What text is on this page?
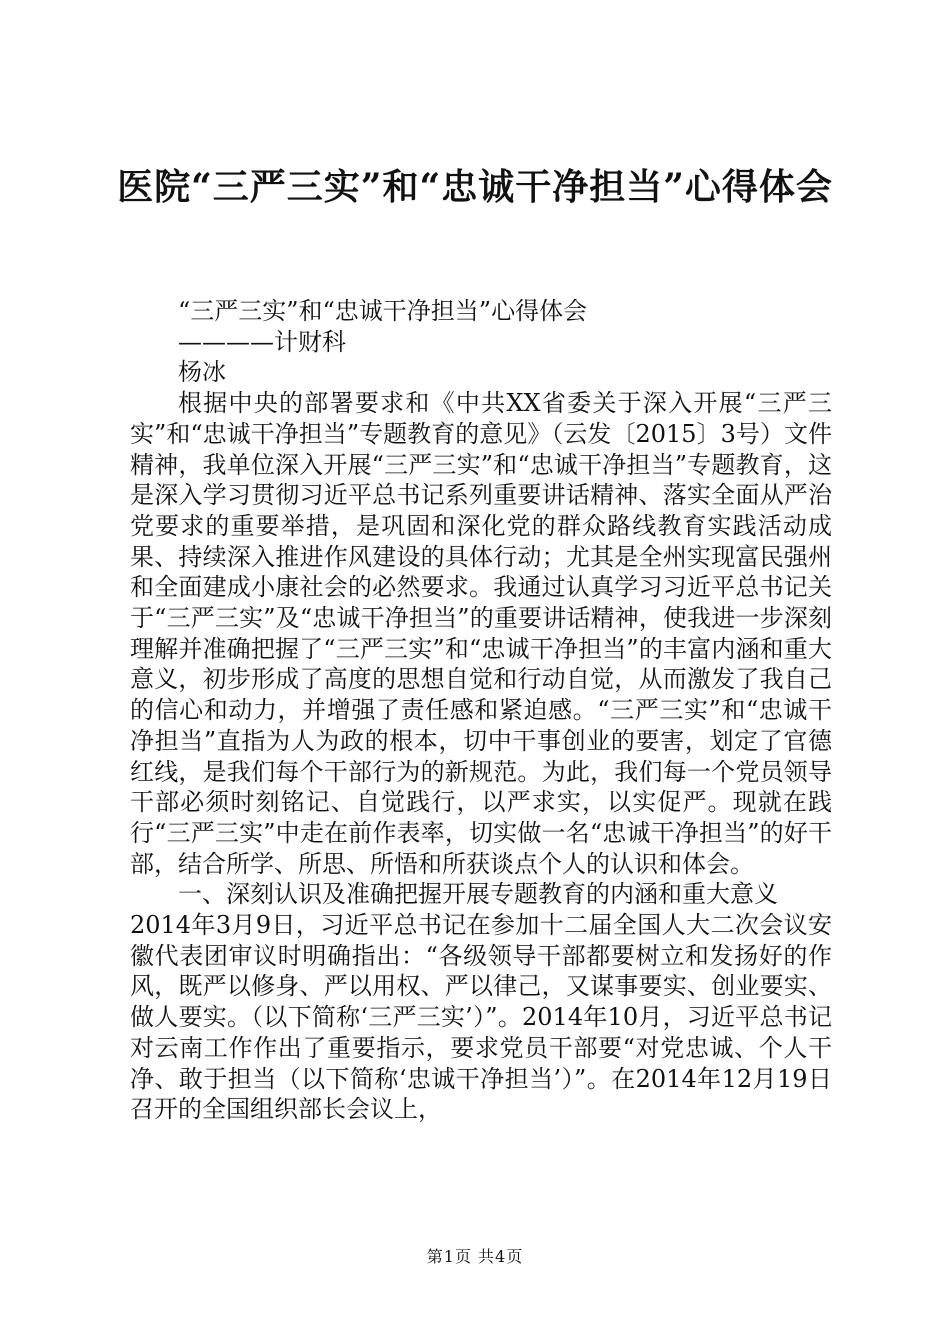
医院“三严三实”和“忠诚干净担当”心得体会
“三严三实”和“忠诚干净担当”心得体会
————计财科
杨冰
根据中央的部署要求和《中共XX省委关于深入开展“三严三实”和“忠诚干净担当”专题教育的意见》（云发〔2015〕3号）文件精神，我单位深入开展“三严三实”和“忠诚干净担当”专题教育，这是深入学习贯彻习近平总书记系列重要讲话精神、落实全面从严治党要求的重要举措，是巩固和深化党的群众路线教育实践活动成果、持续深入推进作风建设的具体行动；尤其是全州实现富民强州和全面建成小康社会的必然要求。我通过认真学习习近平总书记关于“三严三实”及“忠诚干净担当”的重要讲话精神，使我进一步深刻理解并准确把握了“三严三实”和“忠诚干净担当”的丰富内涵和重大意义，初步形成了高度的思想自觉和行动自觉，从而激发了我自己的信心和动力，并增强了责任感和紧迫感。“三严三实”和“忠诚干净担当”直指为人为政的根本，切中干事创业的要害，划定了官德红线，是我们每个干部行为的新规范。为此，我们每一个党员领导干部必须时刻铭记、自觉践行，以严求实，以实促严。现就在践行“三严三实”中走在前作表率，切实做一名“忠诚干净担当”的好干部，结合所学、所思、所悟和所获谈点个人的认识和体会。
一、深刻认识及准确把握开展专题教育的内涵和重大意义
2014年3月9日，习近平总书记在参加十二届全国人大二次会议安徽代表团审议时明确指出：“各级领导干部都要树立和发扬好的作风，既严以修身、严以用权、严以律己，又谋事要实、创业要实、做人要实。（以下简称‘三严三实’）”。2014年10月，习近平总书记对云南工作作出了重要指示，要求党员干部要“对党忠诚、个人干净、敢于担当（以下简称‘忠诚干净担当’）”。在2014年12月19日召开的全国组织部长会议上，
第1页 共4页
